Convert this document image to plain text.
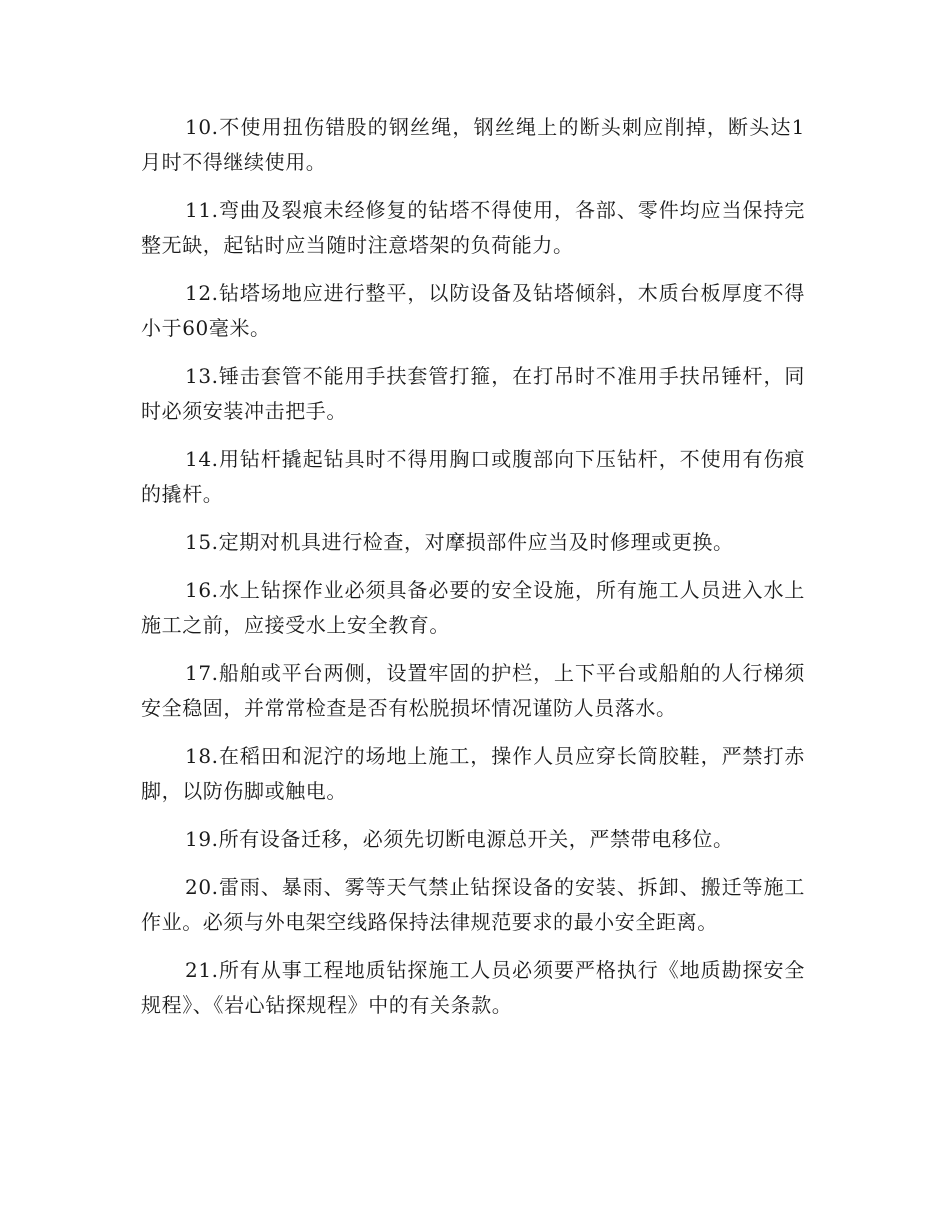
10.不使用扭伤错股的钢丝绳，钢丝绳上的断头刺应削掉，断头达1月时不得继续使用。

11.弯曲及裂痕未经修复的钻塔不得使用，各部、零件均应当保持完整无缺，起钻时应当随时注意塔架的负荷能力。

12.钻塔场地应进行整平，以防设备及钻塔倾斜，木质台板厚度不得小于60毫米。

13.锤击套管不能用手扶套管打箍，在打吊时不准用手扶吊锤杆，同时必须安装冲击把手。

14.用钻杆撬起钻具时不得用胸口或腹部向下压钻杆，不使用有伤痕的撬杆。

15.定期对机具进行检查，对摩损部件应当及时修理或更换。

16.水上钻探作业必须具备必要的安全设施，所有施工人员进入水上施工之前，应接受水上安全教育。

17.船舶或平台两侧，设置牢固的护栏，上下平台或船舶的人行梯须安全稳固，并常常检查是否有松脱损坏情况谨防人员落水。

18.在稻田和泥泞的场地上施工，操作人员应穿长筒胶鞋，严禁打赤脚，以防伤脚或触电。

19.所有设备迁移，必须先切断电源总开关，严禁带电移位。

20.雷雨、暴雨、雾等天气禁止钻探设备的安装、拆卸、搬迁等施工作业。必须与外电架空线路保持法律规范要求的最小安全距离。

21.所有从事工程地质钻探施工人员必须要严格执行《地质勘探安全规程》、《岩心钻探规程》中的有关条款。
